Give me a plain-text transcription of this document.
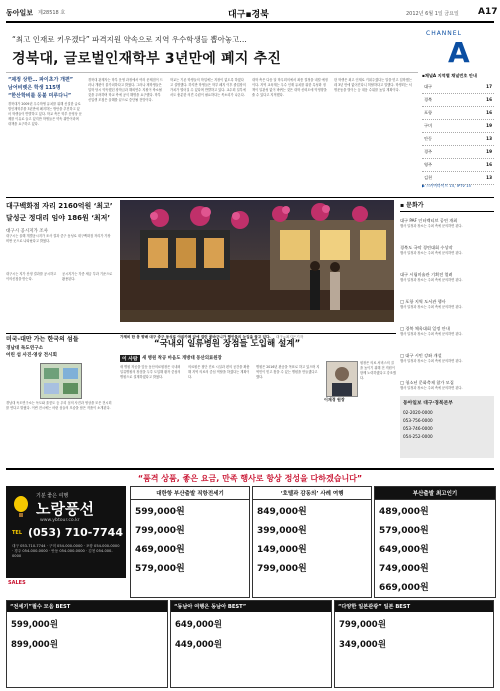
동아일보 제28518 호	대구▪경북	2012년 6월 1일 금요일 A17
“최고 인재로 키우겠다” 파격지원 약속으로 지역 우수학생들 뽑아놓고…
경북대, 글로벌인재학부 3년만에 폐지 추진
“제정 상한… 파이초가 개편”
남어비렛은 학생 115명
“한산학비를 둥불 미루다니”
경북대가 2009년 우수학생 유치를 위해 신설한 글로벌인재학부를 3년만에 폐지하는 방안을 추진하고 있어 학생들이 반발하고 있다. 학교 측은 학부 운영상 문제를 이유로 들고 있지만 학생들은 약속 위반이라며 대책을 요구하고 있다.
경북대 관계자는 학부 운영 과정에서 여러 문제점이 드러나 개편이 불가피하다고 밝혔다. 그러나 재학생들은 입학 당시 약속했던 장학금과 해외연수 지원이 축소될 것을 우려하며 학교 측에 공식 해명을 요구했다. 학부 신입생 모집은 올해를 끝으로 중단될 전망이다.
학교는 기존 학생들의 학업에는 지장이 없도록 하겠다고 설명했다. 하지만 학생들은 학부 폐지 이후 졸업장의 가치가 떨어질 수 있다며 반발하고 있다. 교수회 일부에서도 충분한 의견 수렴이 필요하다는 목소리가 나온다.
대학 측은 다음 달 학무회의에서 최종 결정을 내릴 예정이다. 지역 교육계는 우수 인재 유치를 위한 특성화 정책이 일관성 없이 바뀌는 것은 대학 신뢰도에 악영향을 줄 수 있다고 지적했다.
한 학생은 최고 인재로 키워주겠다는 말을 믿고 입학했는데 3년 만에 없어진다니 허탈하다고 말했다. 학생회는 서명운동을 벌이는 등 대응 수위를 높일 계획이다.
CHANNEL
A
▪채널A 지역별 채널번호 안내
대구	17
경북	16
포항	16
구미	19
안동	13
경주	19
영주	16
김천	13
▶ 스카이라이프 15, IPTV 15
대구백화점 자리 2160억원 ‘최고’
달성군 정대리 임야 186원 ‘최저’
대구시 공시지가 조사
대구시는 올해 개별공시지가 조사 결과 중구 동성로 대구백화점 자리가 가장 비싼 곳으로 나타났다고 밝혔다.
대구시는 지가 산정 결과를 공시하고 이의신청을 받는다.
공시지가는 각종 세금 부과 기준으로 활용된다.
가제비 한 몽 향배 대구 중구 동성로 야외카페 앞에 걸린 꽃바구니가 행인들의 눈길을 끌고 있다. 대구=최지은기자
▪ 문화가
대구 PAF 인터렉티브 공연 개최
행사 일정과 장소는 주최 측에 문의하면 된다.
경북도 국악 경연대회 수상작
행사 일정과 장소는 주최 측에 문의하면 된다.
대구 시립미술관 기획전 열려
행사 일정과 장소는 주최 측에 문의하면 된다.
□ 포항 지역 도서관 행사
행사 일정과 장소는 주최 측에 문의하면 된다.
□ 경북 체육대회 일정 안내
행사 일정과 장소는 주최 측에 문의하면 된다.
□ 대구 시민 강좌 개설
행사 일정과 장소는 주최 측에 문의하면 된다.
□ 청소년 문화축제 참가 모집
행사 일정과 장소는 주최 측에 문의하면 된다.
동아일보 대구·경북본부
02-2020-0000
053-756-0000
053-746-0000
054-252-0000
미국-대만 가는 한국의 섬들
경남대 독도연구소
어린 섬 사진·영상 전시회
경남대 독도연구소는 독도와 울릉도 등 우리 섬의 사진과 영상을 모은 전시회를 연다고 밝혔다. 이번 전시에는 어린 섬들의 모습을 담은 작품이 소개된다.
“국내외 일류병원 장점들 도입해 설계”
이 사람	새 병원 착공 마음도 개방대 동산의료원장
새 병원 착공을 앞둔 동산의료원장은 국내외 일류병원의 장점을 두루 도입해 환자 중심의 병원으로 설계하겠다고 밝혔다.
의료원은 첨단 진료 시설과 편의 공간을 확충해 지역 의료의 중심 역할을 하겠다는 계획이다.
병원은 2016년 완공을 목표로 하고 있으며 지역민이 믿고 찾을 수 있는 병원을 만들겠다고 했다.
이재경 원장
원장은 의료 서비스의 질을 높이기 위해 전 직원이 함께 노력하겠다고 강조했다.
“품격 상품, 좋은 요금, 만족 행사로 항상 정성을 다하겠습니다”
기분 좋은 여행
노랑풍선
www.ybtour.co.kr
TEL (053) 710-7744
대구 053-710-7744 · 구미 054-000-0000 · 포항 054-000-0000 · 경주 054-000-0000 · 안동 054-000-0000 · 김천 054-000-0000
SALES
대한항 부산출발 직항전세기
599,000원
799,000원
469,000원
579,000원
‘호텔과 감동의’ 사례 여행
849,000원
399,000원
149,000원
799,000원
부산출발 최고인기
489,000원
579,000원
649,000원
749,000원
669,000원
“전세기”필수 모음 BEST
599,000원
899,000원
“동남아 여행은 동남아 BEST”
649,000원
449,000원
“다양한 일본관광” 일본 BEST
799,000원
349,000원
